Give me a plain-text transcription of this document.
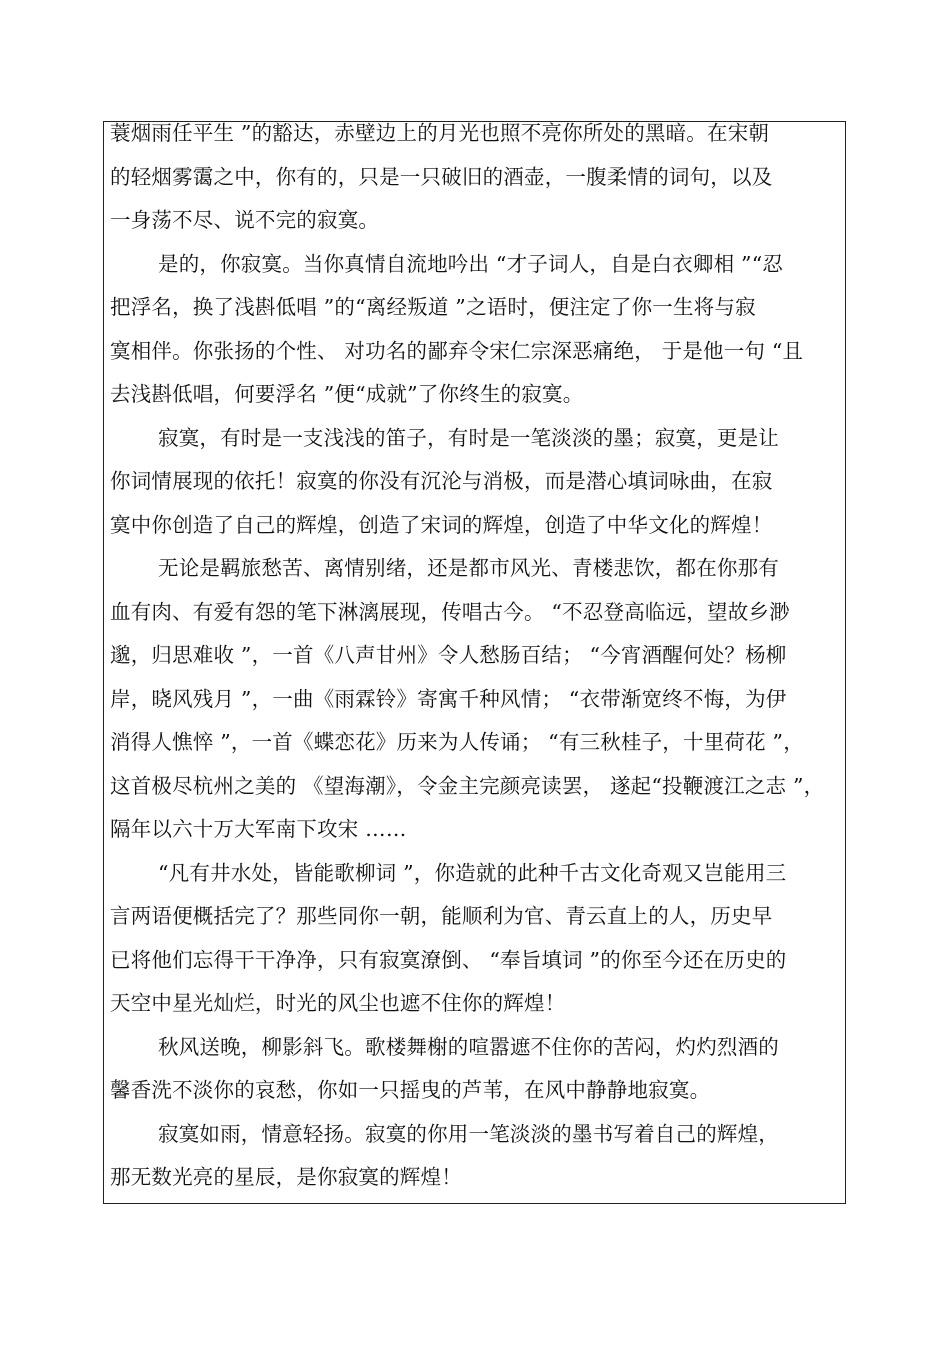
蓑烟雨任平生 ”的豁达，赤壁边上的月光也照不亮你所处的黑暗。在宋朝
的轻烟雾霭之中，你有的，只是一只破旧的酒壶，一腹柔情的词句，以及
一身荡不尽、说不完的寂寞。
是的，你寂寞。当你真情自流地吟出 “才子词人，自是白衣卿相 ”“忍
把浮名，换了浅斟低唱 ”的“离经叛道 ”之语时，便注定了你一生将与寂
寞相伴。你张扬的个性、 对功名的鄙弃令宋仁宗深恶痛绝， 于是他一句 “且
去浅斟低唱，何要浮名 ”便“成就”了你终生的寂寞。
寂寞，有时是一支浅浅的笛子，有时是一笔淡淡的墨；寂寞，更是让
你词情展现的依托！寂寞的你没有沉沦与消极，而是潜心填词咏曲，在寂
寞中你创造了自己的辉煌，创造了宋词的辉煌，创造了中华文化的辉煌！
无论是羁旅愁苦、离情别绪，还是都市风光、青楼悲饮，都在你那有
血有肉、有爱有怨的笔下淋漓展现，传唱古今。 “不忍登高临远，望故乡渺
邈，归思难收 ”，一首《八声甘州》令人愁肠百结； “今宵酒醒何处？杨柳
岸，晓风残月 ”，一曲《雨霖铃》寄寓千种风情； “衣带渐宽终不悔，为伊
消得人憔悴 ”，一首《蝶恋花》历来为人传诵； “有三秋桂子，十里荷花 ”，
这首极尽杭州之美的 《望海潮》，令金主完颜亮读罢， 遂起“投鞭渡江之志 ”，
隔年以六十万大军南下攻宋 ……
“凡有井水处，皆能歌柳词 ”，你造就的此种千古文化奇观又岂能用三
言两语便概括完了？那些同你一朝，能顺利为官、青云直上的人，历史早
已将他们忘得干干净净，只有寂寞潦倒、 “奉旨填词 ”的你至今还在历史的
天空中星光灿烂，时光的风尘也遮不住你的辉煌！
秋风送晚，柳影斜飞。歌楼舞榭的喧嚣遮不住你的苦闷，灼灼烈酒的
馨香洗不淡你的哀愁，你如一只摇曳的芦苇，在风中静静地寂寞。
寂寞如雨，情意轻扬。寂寞的你用一笔淡淡的墨书写着自己的辉煌，
那无数光亮的星辰，是你寂寞的辉煌！
